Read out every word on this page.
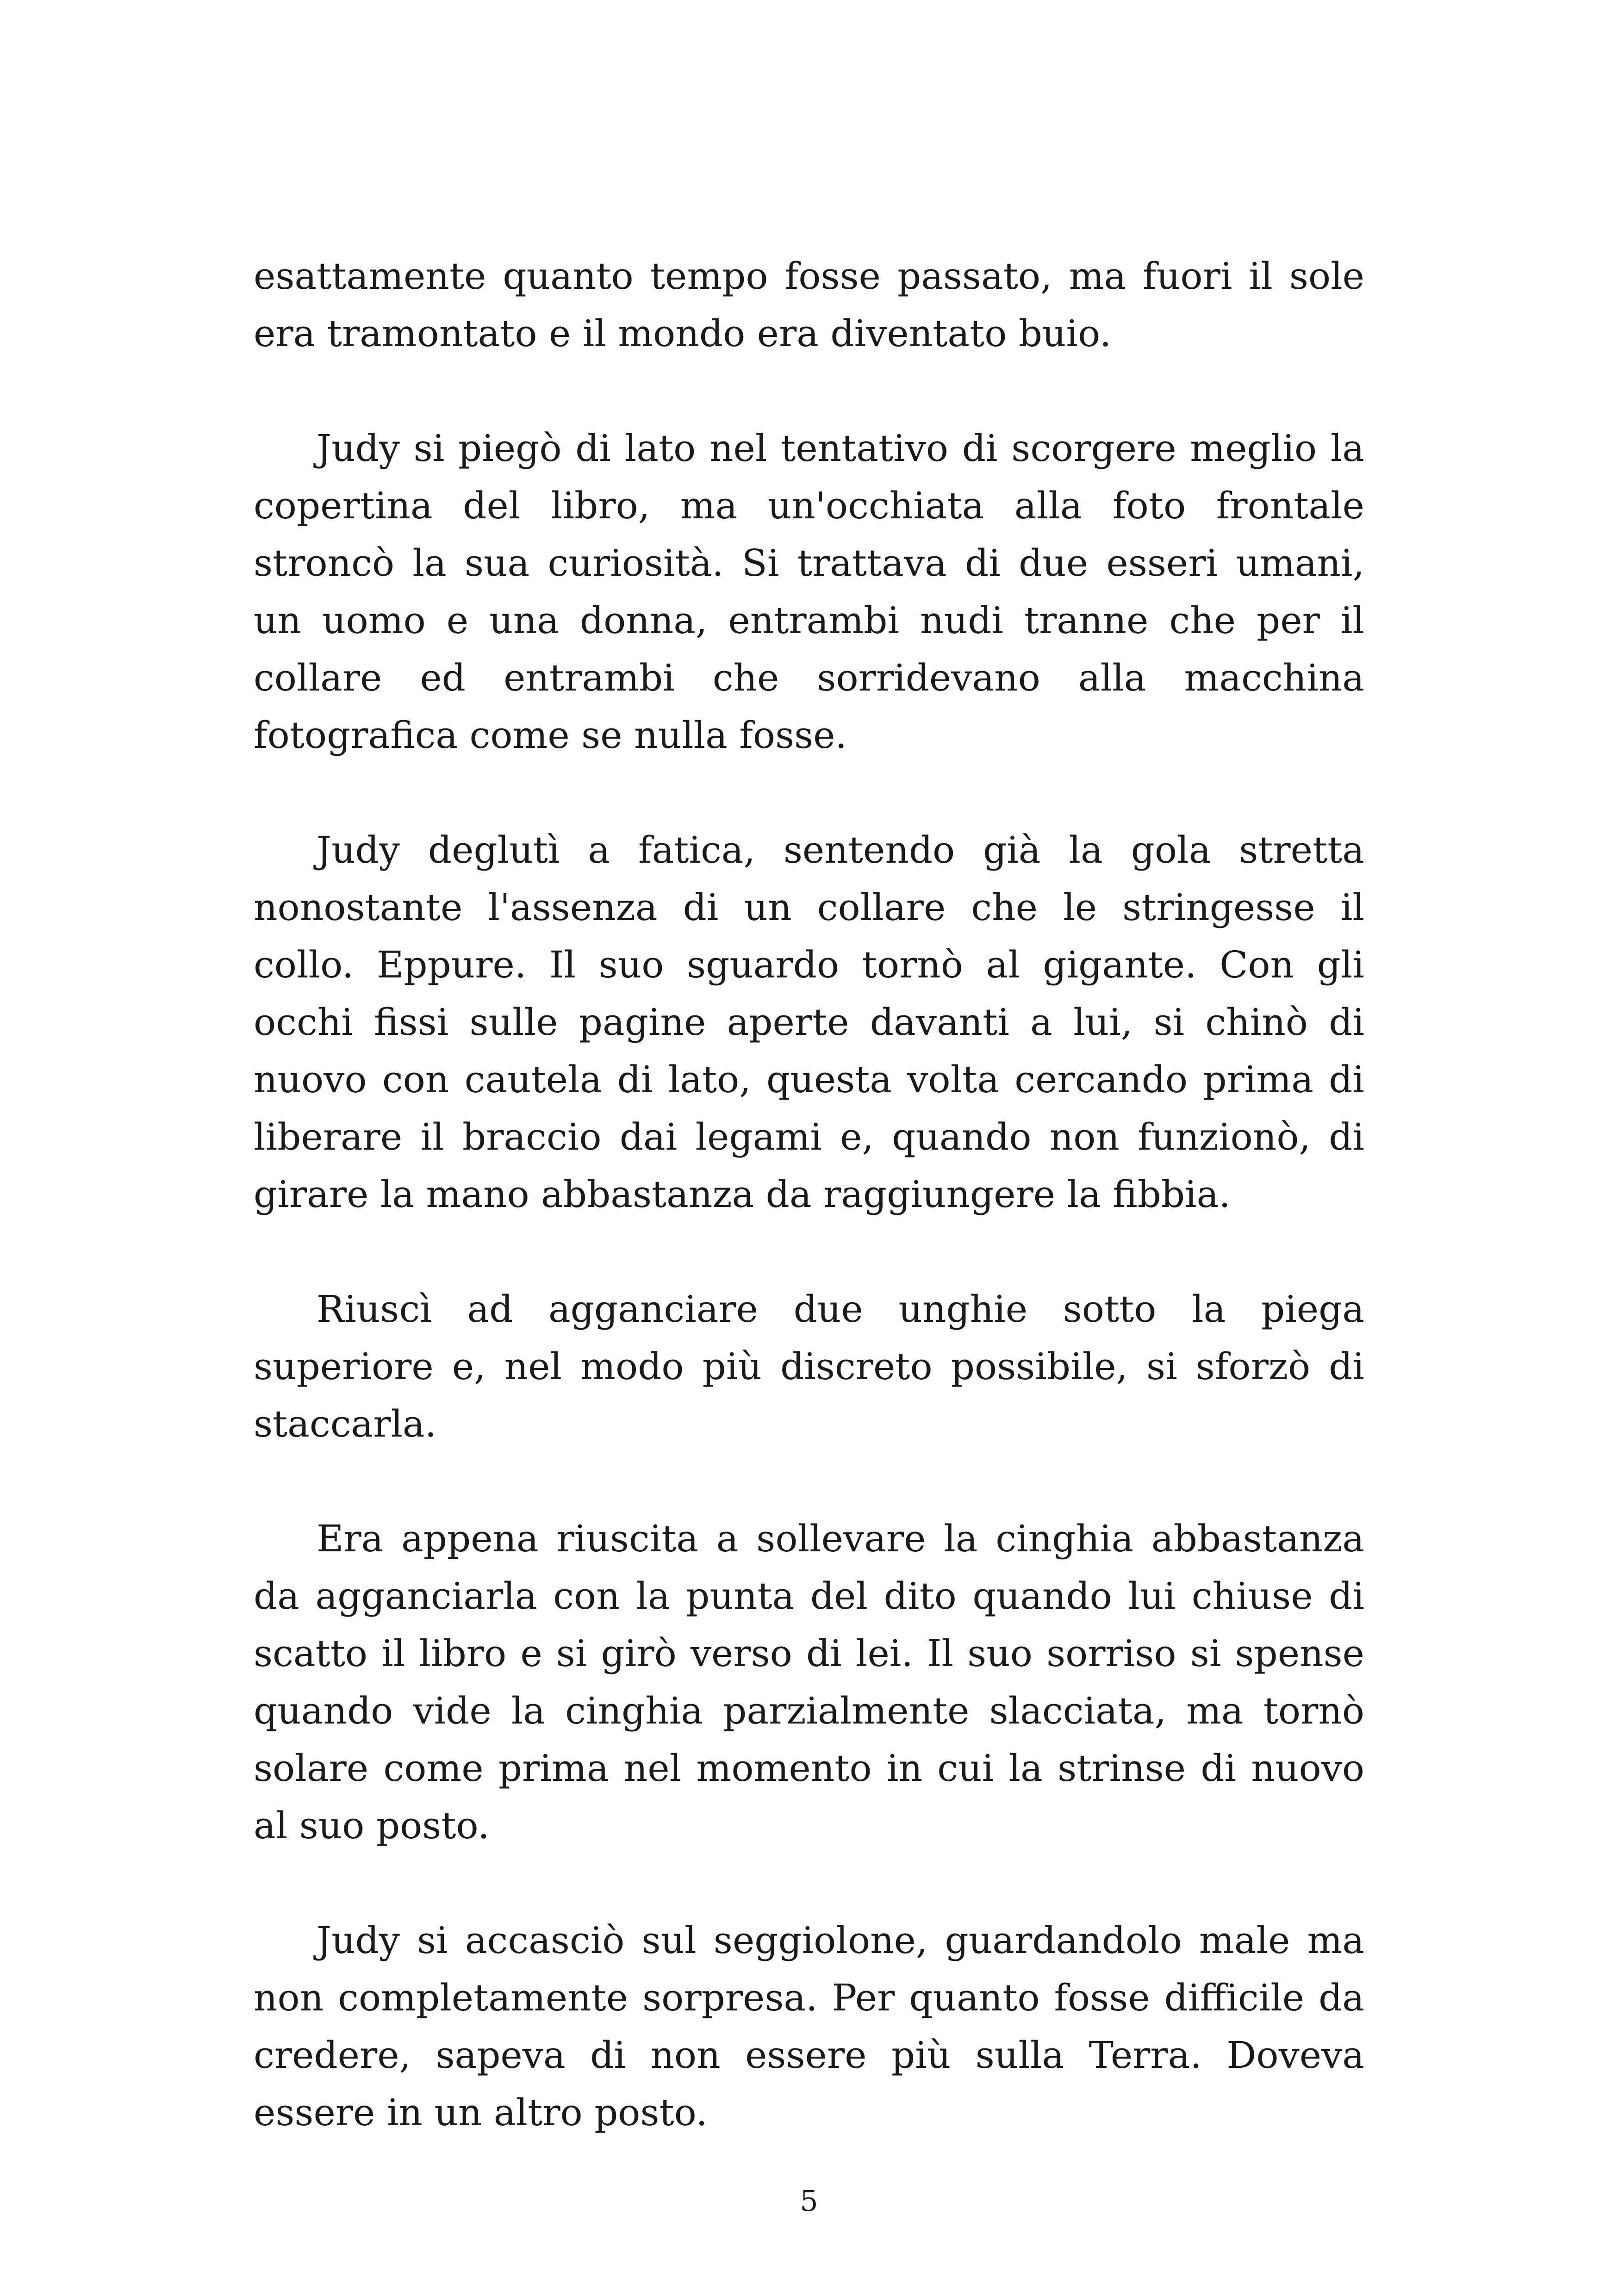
esattamente quanto tempo fosse passato, ma fuori il sole era tramontato e il mondo era diventato buio.

Judy si piegò di lato nel tentativo di scorgere meglio la copertina del libro, ma un'occhiata alla foto frontale stroncò la sua curiosità. Si trattava di due esseri umani, un uomo e una donna, entrambi nudi tranne che per il collare ed entrambi che sorridevano alla macchina fotografica come se nulla fosse.

Judy deglutì a fatica, sentendo già la gola stretta nonostante l'assenza di un collare che le stringesse il collo. Eppure. Il suo sguardo tornò al gigante. Con gli occhi fissi sulle pagine aperte davanti a lui, si chinò di nuovo con cautela di lato, questa volta cercando prima di liberare il braccio dai legami e, quando non funzionò, di girare la mano abbastanza da raggiungere la fibbia.

Riuscì ad agganciare due unghie sotto la piega superiore e, nel modo più discreto possibile, si sforzò di staccarla.

Era appena riuscita a sollevare la cinghia abbastanza da agganciarla con la punta del dito quando lui chiuse di scatto il libro e si girò verso di lei. Il suo sorriso si spense quando vide la cinghia parzialmente slacciata, ma tornò solare come prima nel momento in cui la strinse di nuovo al suo posto.

Judy si accasciò sul seggiolone, guardandolo male ma non completamente sorpresa. Per quanto fosse difficile da credere, sapeva di non essere più sulla Terra. Doveva essere in un altro posto.

5
